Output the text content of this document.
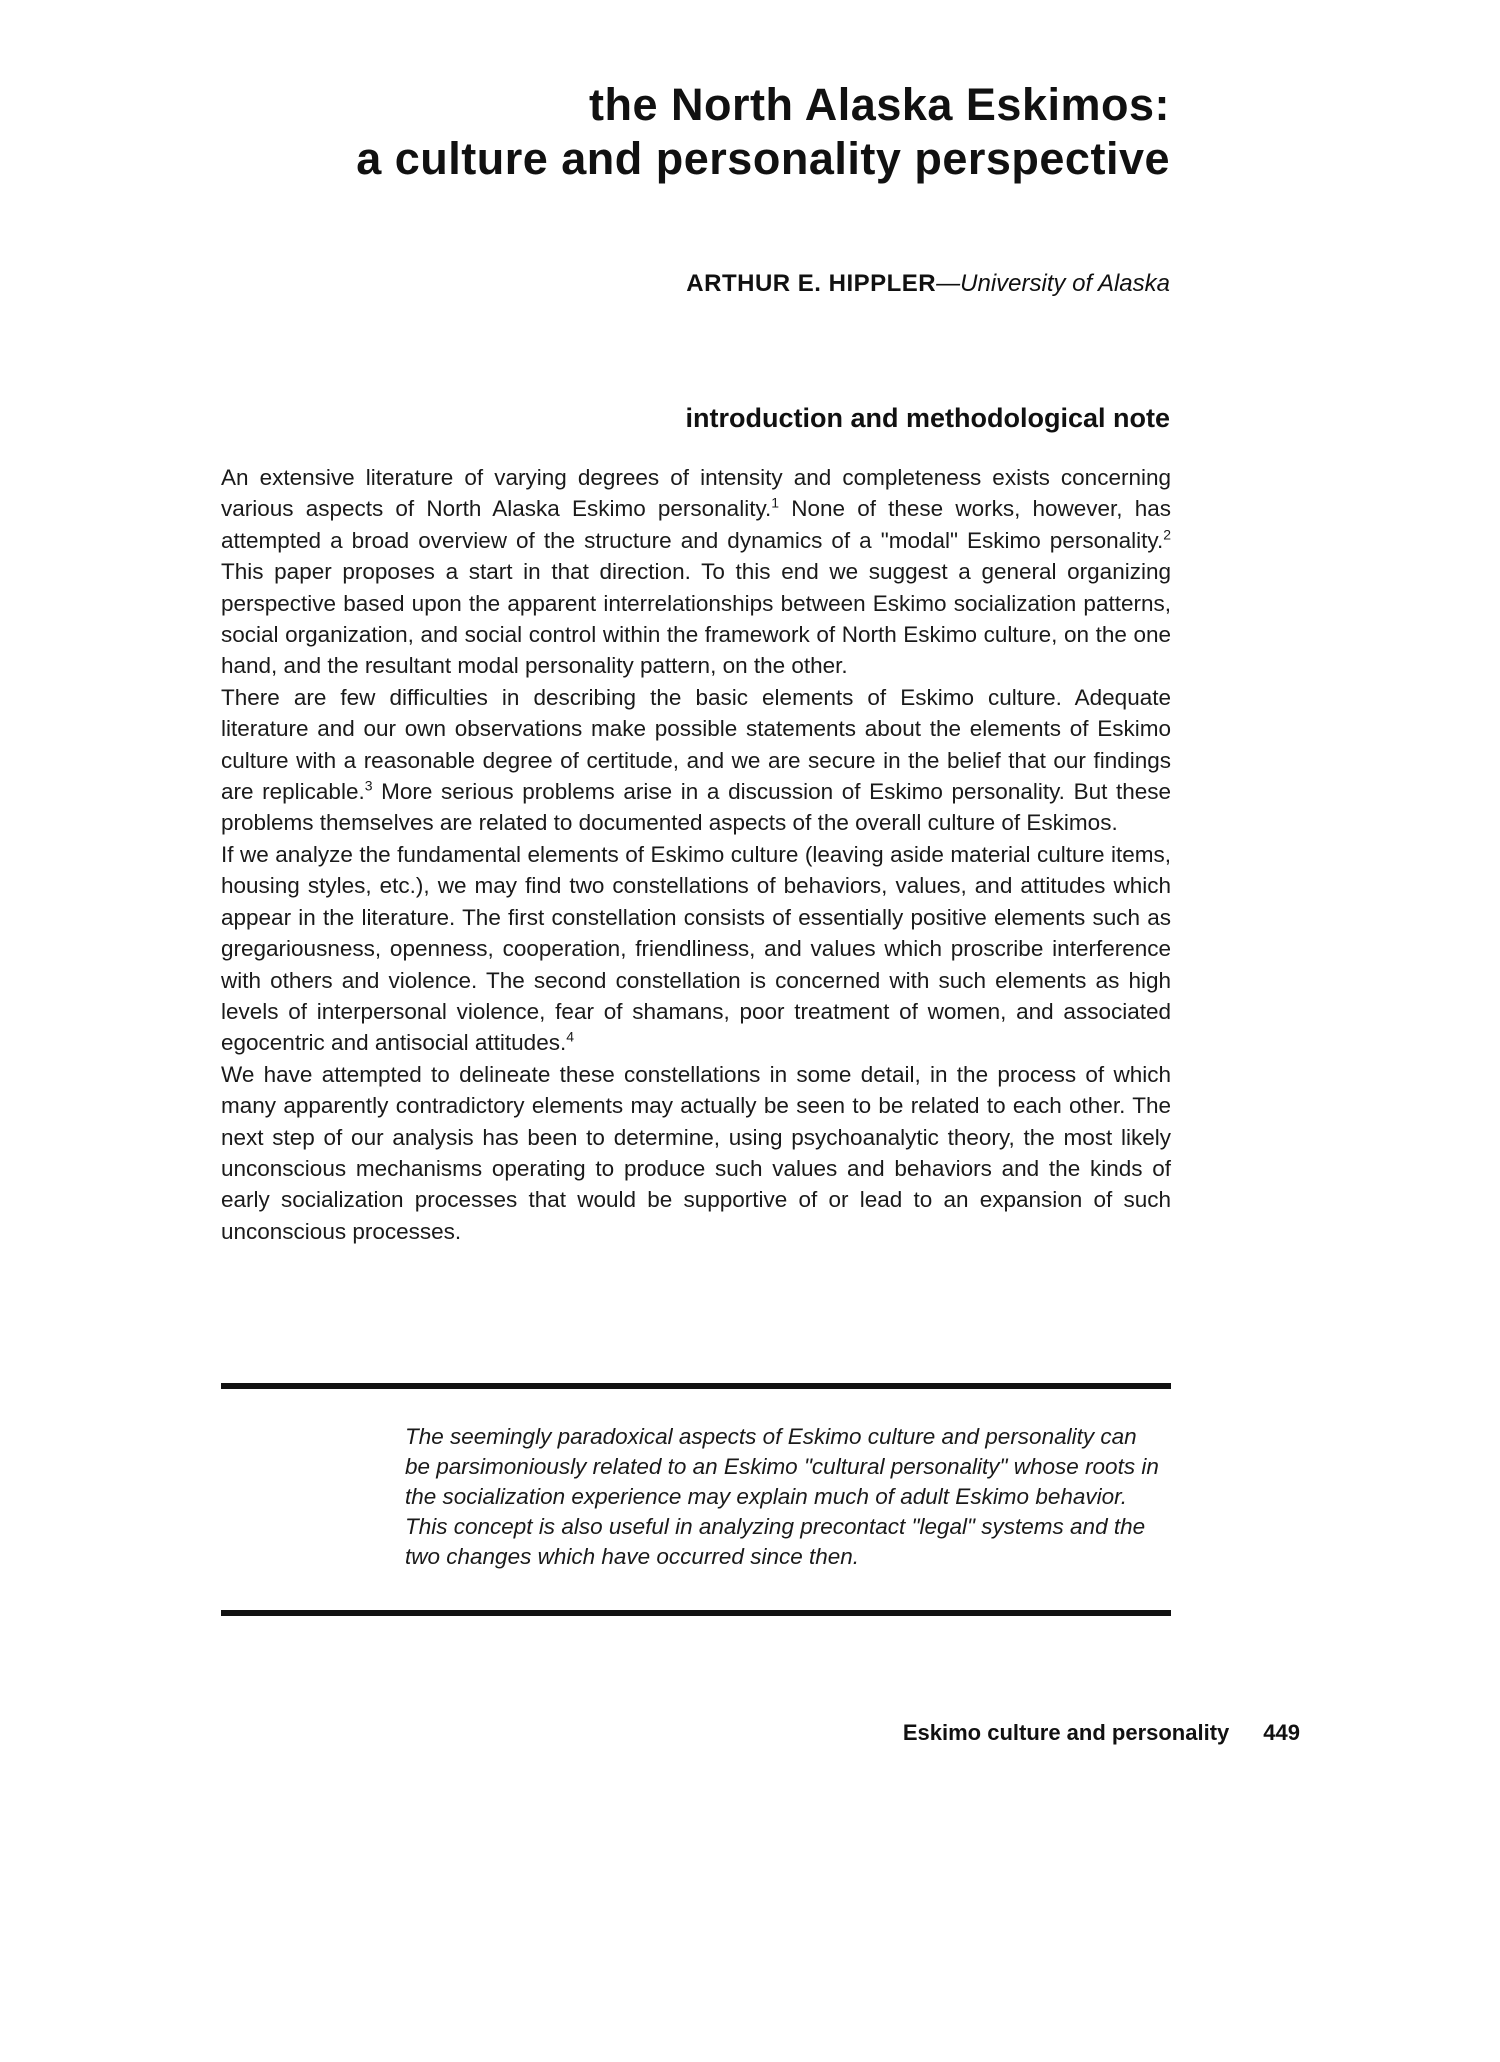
the North Alaska Eskimos:
a culture and personality perspective
ARTHUR E. HIPPLER—University of Alaska
introduction and methodological note

An extensive literature of varying degrees of intensity and completeness exists concerning various aspects of North Alaska Eskimo personality.$^1$ None of these works, however, has attempted a broad overview of the structure and dynamics of a "modal" Eskimo personality.$^2$ This paper proposes a start in that direction. To this end we suggest a general organizing perspective based upon the apparent interrelationships between Eskimo socialization patterns, social organization, and social control within the framework of North Eskimo culture, on the one hand, and the resultant modal personality pattern, on the other.

There are few difficulties in describing the basic elements of Eskimo culture. Adequate literature and our own observations make possible statements about the elements of Eskimo culture with a reasonable degree of certitude, and we are secure in the belief that our findings are replicable.$^3$ More serious problems arise in a discussion of Eskimo personality. But these problems themselves are related to documented aspects of the overall culture of Eskimos.

If we analyze the fundamental elements of Eskimo culture (leaving aside material culture items, housing styles, etc.), we may find two constellations of behaviors, values, and attitudes which appear in the literature. The first constellation consists of essentially positive elements such as gregariousness, openness, cooperation, friendliness, and values which proscribe interference with others and violence. The second constellation is concerned with such elements as high levels of interpersonal violence, fear of shamans, poor treatment of women, and associated egocentric and antisocial attitudes.$^4$

We have attempted to delineate these constellations in some detail, in the process of which many apparently contradictory elements may actually be seen to be related to each other. The next step of our analysis has been to determine, using psychoanalytic theory, the most likely unconscious mechanisms operating to produce such values and behaviors and the kinds of early socialization processes that would be supportive of or lead to an expansion of such unconscious processes.

The seemingly paradoxical aspects of Eskimo culture and personality can be parsimoniously related to an Eskimo "cultural personality" whose roots in the socialization experience may explain much of adult Eskimo behavior. This concept is also useful in analyzing precontact "legal" systems and the two changes which have occurred since then.
Eskimo culture and personality 449
